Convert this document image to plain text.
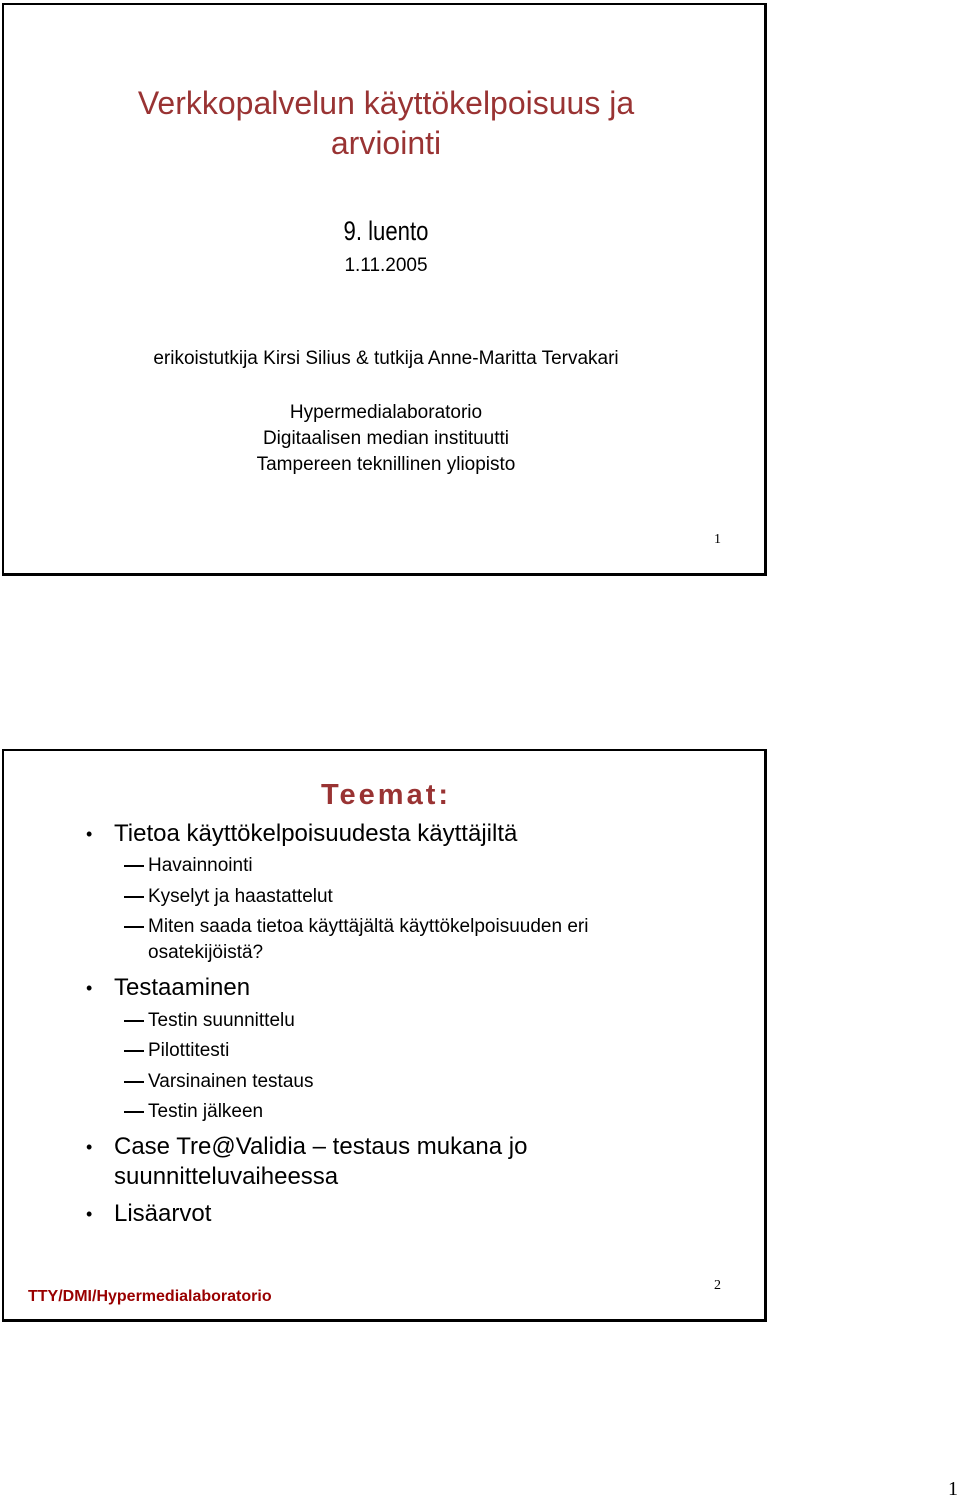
Verkkopalvelun käyttökelpoisuus ja
arviointi
9. luento
1.11.2005
erikoistutkija Kirsi Silius & tutkija Anne-Maritta Tervakari
Hypermedialaboratorio
Digitaalisen median instituutti
Tampereen teknillinen yliopisto
1
Teemat:
• Tietoa käyttökelpoisuudesta käyttäjiltä
Havainnointi
Kyselyt ja haastattelut
Miten saada tietoa käyttäjältä käyttökelpoisuuden eri
osatekijöistä?
• Testaaminen
Testin suunnittelu
Pilottitesti
Varsinainen testaus
Testin jälkeen
• Case Tre@Validia – testaus mukana jo
suunnitteluvaiheessa
• Lisäarvot
TTY/DMI/Hypermedialaboratorio
2
1
